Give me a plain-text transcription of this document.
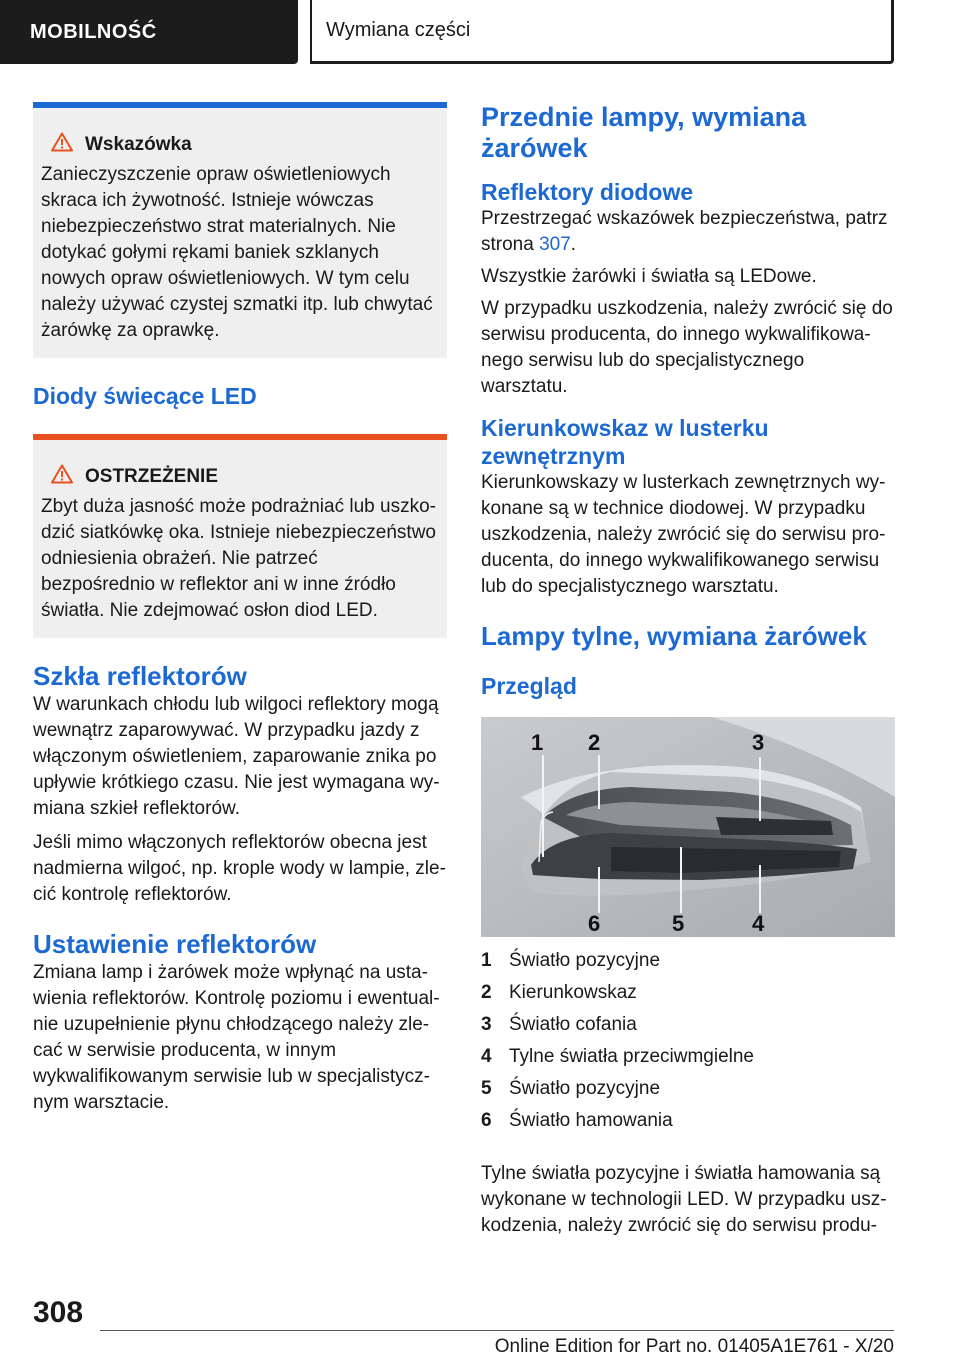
MOBILNOŚĆ	Wymiana części
Wskazówka

Zanieczyszczenie opraw oświetleniowych skraca ich żywotność. Istnieje wówczas niebezpieczeństwo strat materialnych. Nie dotykać gołymi rękami baniek szklanych nowych opraw oświetleniowych. W tym celu należy używać czystej szmatki itp. lub chwytać żarówkę za oprawkę.

Diody świecące LED
OSTRZEŻENIE

Zbyt duża jasność może podrażniać lub uszkodzić siatkówkę oka. Istnieje niebezpieczeństwo odniesienia obrażeń. Nie patrzeć bezpośrednio w reflektor ani w inne źródło światła. Nie zdejmować osłon diod LED.

Szkła reflektorów

W warunkach chłodu lub wilgoci reflektory mogą wewnątrz zaparowywać. W przypadku jazdy z włączonym oświetleniem, zaparowanie znika po upływie krótkiego czasu. Nie jest wymagana wymiana szkieł reflektorów.

Jeśli mimo włączonych reflektorów obecna jest nadmierna wilgoć, np. krople wody w lampie, zlecić kontrolę reflektorów.

Ustawienie reflektorów

Zmiana lamp i żarówek może wpłynąć na ustawienia reflektorów. Kontrolę poziomu i ewentualnie uzupełnienie płynu chłodzącego należy zlecać w serwisie producenta, w innym wykwalifikowanym serwisie lub w specjalistycznym warsztacie.

Przednie lampy, wymiana żarówek
Reflektory diodowe

Przestrzegać wskazówek bezpieczeństwa, patrz strona 307.

Wszystkie żarówki i światła są LEDowe.

W przypadku uszkodzenia, należy zwrócić się do serwisu producenta, do innego wykwalifikowanego serwisu lub do specjalistycznego warsztatu.

Kierunkowskaz w lusterku zewnętrznym

Kierunkowskazy w lusterkach zewnętrznych wykonane są w technice diodowej. W przypadku uszkodzenia, należy zwrócić się do serwisu producenta, do innego wykwalifikowanego serwisu lub do specjalistycznego warsztatu.

Lampy tylne, wymiana żarówek
Przegląd
1 2	3
4
5
6
1 Światło pozycyjne
2 Kierunkowskaz
3 Światło cofania
4 Tylne światła przeciwmgielne
5 Światło pozycyjne
6 Światło hamowania

Tylne światła pozycyjne i światła hamowania są wykonane w technologii LED. W przypadku uszkodzenia, należy zwrócić się do serwisu produ-

308
Online Edition for Part no. 01405A1E761 - X/20
